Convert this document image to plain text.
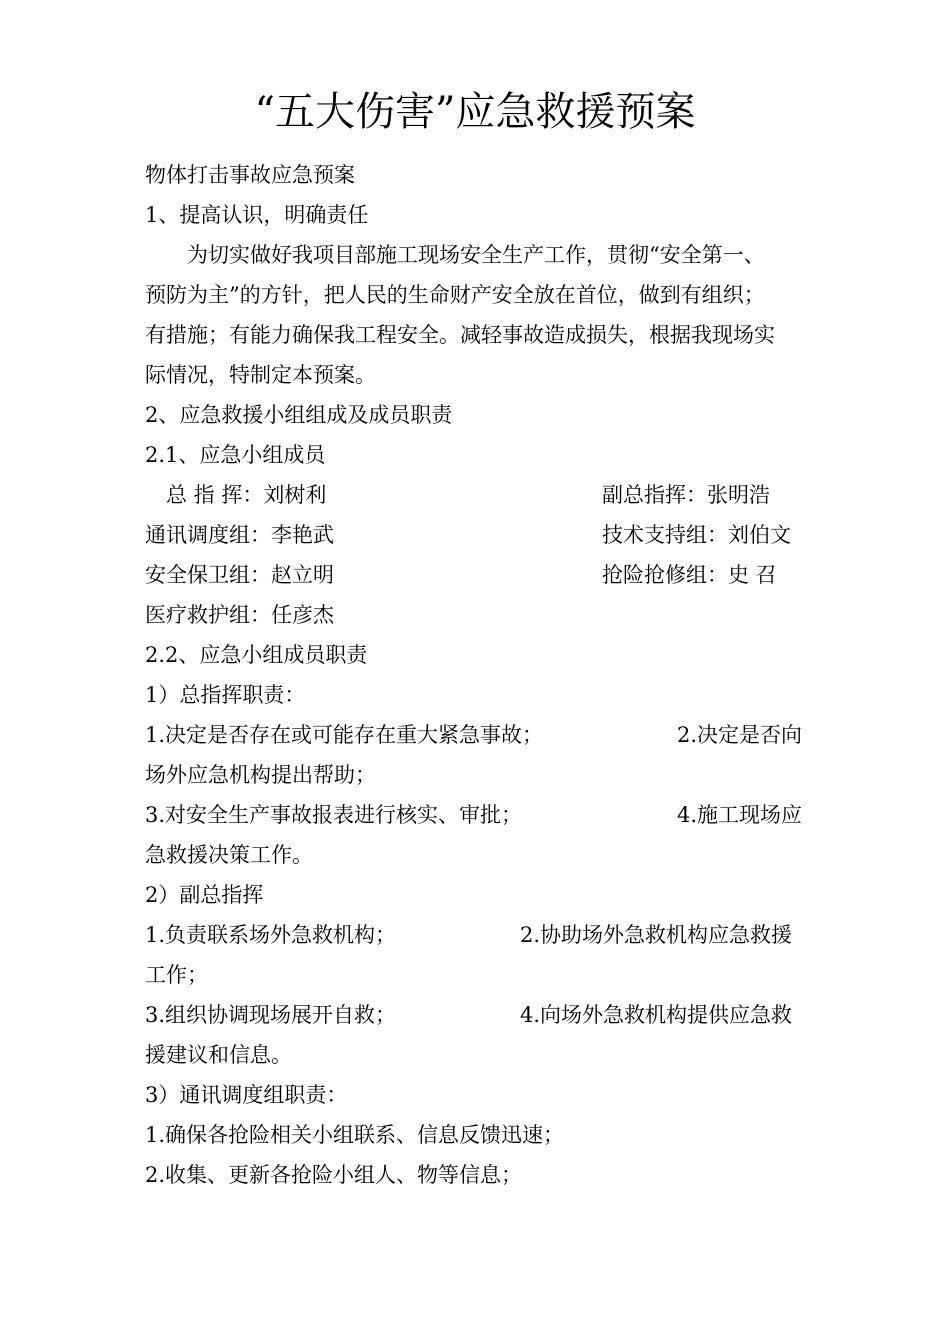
“五大伤害”应急救援预案
物体打击事故应急预案
1、提高认识，明确责任
为切实做好我项目部施工现场安全生产工作，贯彻“安全第一、
预防为主”的方针，把人民的生命财产安全放在首位，做到有组织；
有措施；有能力确保我工程安全。减轻事故造成损失，根据我现场实
际情况，特制定本预案。
2、应急救援小组组成及成员职责
2.1、应急小组成员
总 指 挥：刘树利	副总指挥：张明浩
通讯调度组：李艳武	技术支持组：刘伯文
安全保卫组：赵立明	抢险抢修组：史 召
医疗救护组：任彦杰
2.2、应急小组成员职责
1）总指挥职责：
1.决定是否存在或可能存在重大紧急事故；	2.决定是否向
场外应急机构提出帮助；
3.对安全生产事故报表进行核实、审批；	4.施工现场应
急救援决策工作。
2）副总指挥
1.负责联系场外急救机构；	2.协助场外急救机构应急救援
工作；
3.组织协调现场展开自救；	4.向场外急救机构提供应急救
援建议和信息。
3）通讯调度组职责：
1.确保各抢险相关小组联系、信息反馈迅速；
2.收集、更新各抢险小组人、物等信息；
